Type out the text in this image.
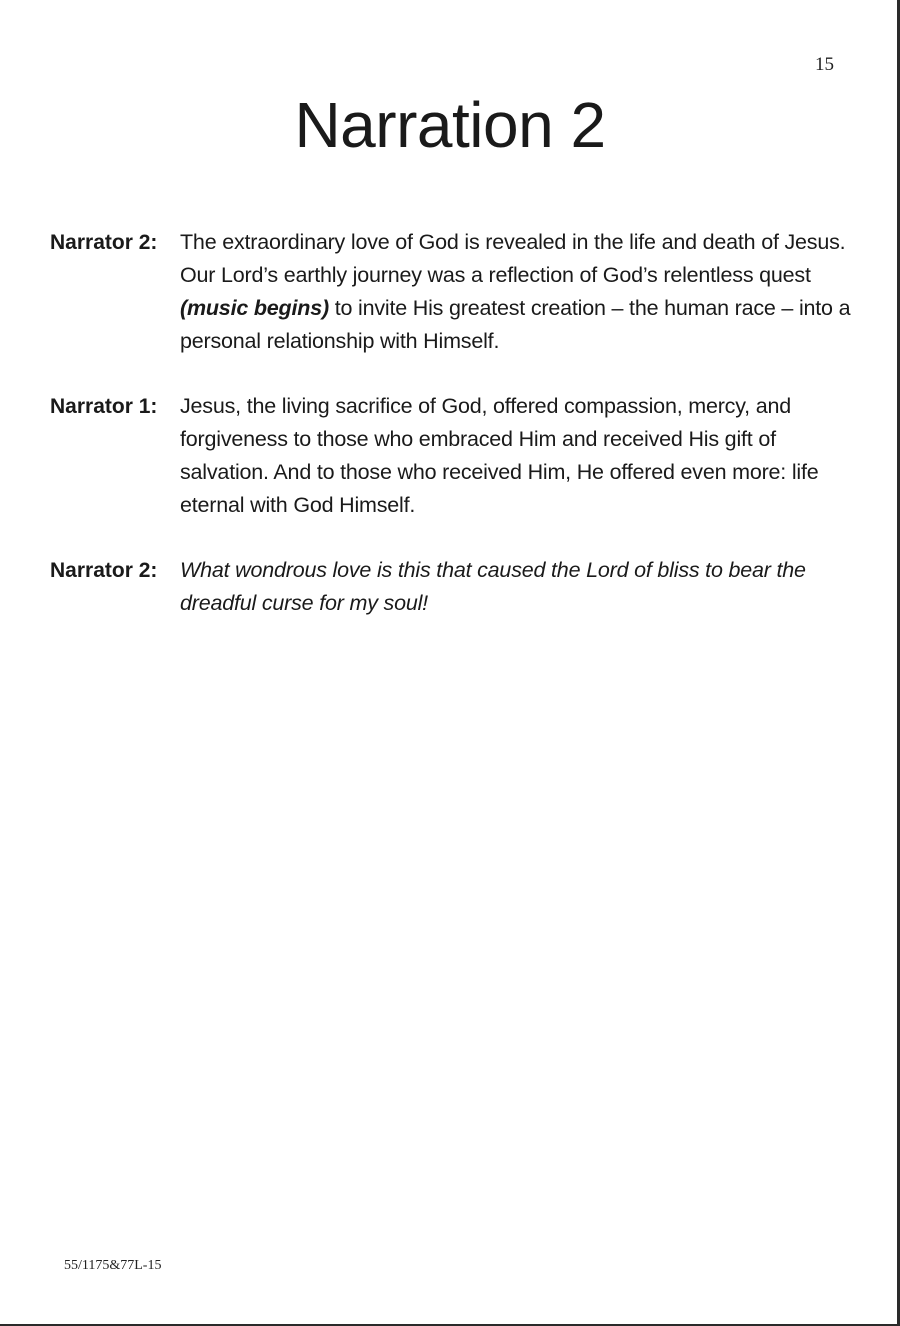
15
Narration 2
Narrator 2:	The extraordinary love of God is revealed in the life and death of Jesus. Our Lord’s earthly journey was a reflection of God’s relentless quest (music begins) to invite His greatest creation – the human race – into a personal relationship with Himself.
Narrator 1:	Jesus, the living sacrifice of God, offered compassion, mercy, and forgiveness to those who embraced Him and received His gift of salvation. And to those who received Him, He offered even more: life eternal with God Himself.
Narrator 2:	What wondrous love is this that caused the Lord of bliss to bear the dreadful curse for my soul!
55/1175&77L-15
